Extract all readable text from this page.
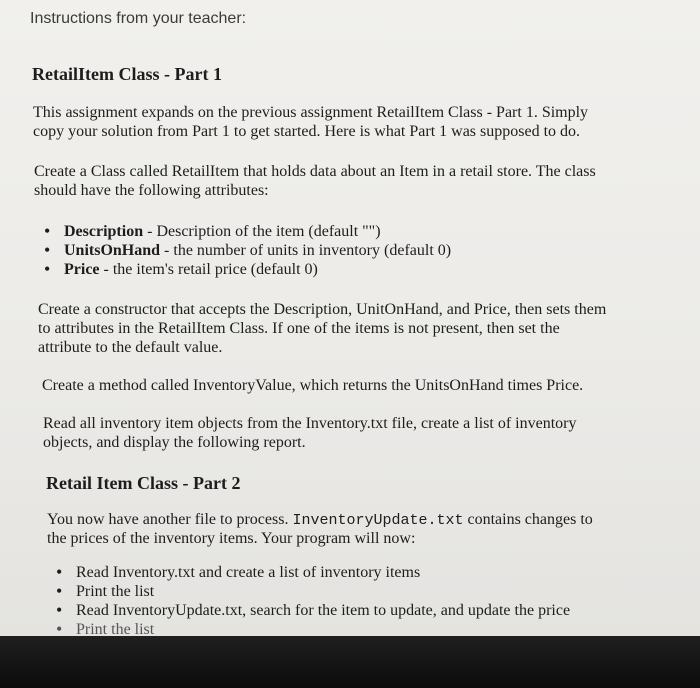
Instructions from your teacher:
RetailItem Class - Part 1

This assignment expands on the previous assignment RetailItem Class - Part 1. Simply

copy your solution from Part 1 to get started. Here is what Part 1 was supposed to do.

Create a Class called RetailItem that holds data about an Item in a retail store. The class

should have the following attributes:

• Description - Description of the item (default "")
• UnitsOnHand - the number of units in inventory (default 0)
• Price - the item's retail price (default 0)

Create a constructor that accepts the Description, UnitOnHand, and Price, then sets them

to attributes in the RetailItem Class. If one of the items is not present, then set the

attribute to the default value.

Create a method called InventoryValue, which returns the UnitsOnHand times Price.

Read all inventory item objects from the Inventory.txt file, create a list of inventory

objects, and display the following report.

Retail Item Class - Part 2

You now have another file to process. InventoryUpdate.txt contains changes to

the prices of the inventory items. Your program will now:

• Read Inventory.txt and create a list of inventory items
• Print the list
• Read InventoryUpdate.txt, search for the item to update, and update the price
• Print the list
